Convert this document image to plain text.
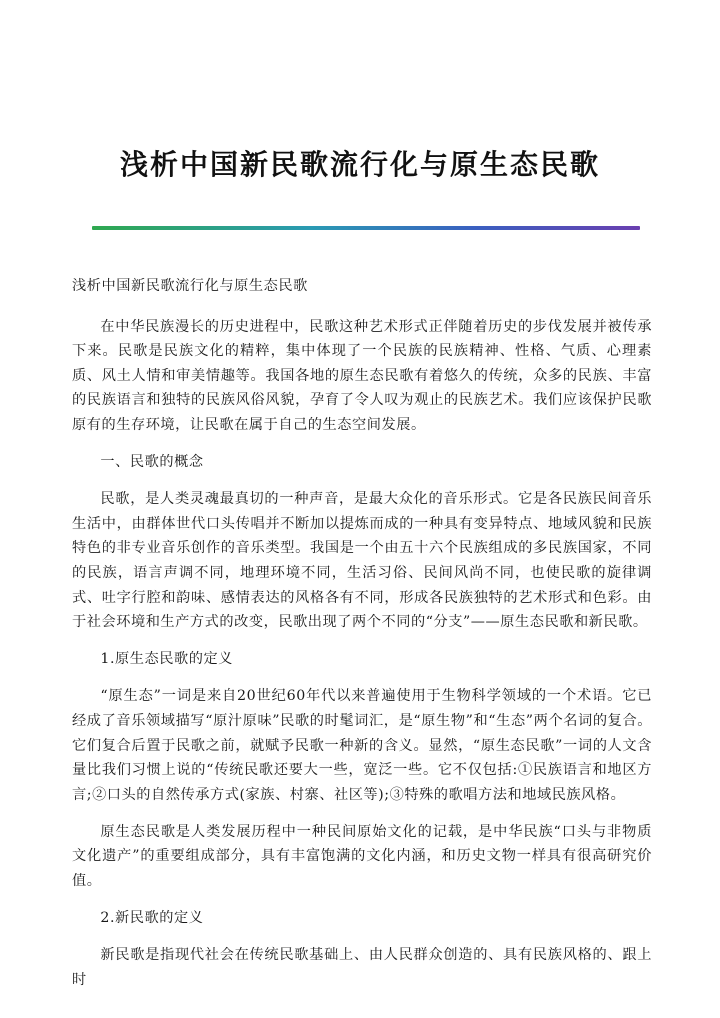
浅析中国新民歌流行化与原生态民歌

浅析中国新民歌流行化与原生态民歌

在中华民族漫长的历史进程中，民歌这种艺术形式正伴随着历史的步伐发展并被传承下来。民歌是民族文化的精粹，集中体现了一个民族的民族精神、性格、气质、心理素质、风土人情和审美情趣等。我国各地的原生态民歌有着悠久的传统，众多的民族、丰富的民族语言和独特的民族风俗风貌，孕育了令人叹为观止的民族艺术。我们应该保护民歌原有的生存环境，让民歌在属于自己的生态空间发展。

一、民歌的概念

民歌，是人类灵魂最真切的一种声音，是最大众化的音乐形式。它是各民族民间音乐生活中，由群体世代口头传唱并不断加以提炼而成的一种具有变异特点、地域风貌和民族特色的非专业音乐创作的音乐类型。我国是一个由五十六个民族组成的多民族国家，不同的民族，语言声调不同，地理环境不同，生活习俗、民间风尚不同，也使民歌的旋律调式、吐字行腔和韵味、感情表达的风格各有不同，形成各民族独特的艺术形式和色彩。由于社会环境和生产方式的改变，民歌出现了两个不同的“分支”——原生态民歌和新民歌。

1.原生态民歌的定义

“原生态”一词是来自20世纪60年代以来普遍使用于生物科学领域的一个术语。它已经成了音乐领域描写“原汁原味”民歌的时髦词汇，是“原生物”和“生态”两个名词的复合。它们复合后置于民歌之前，就赋予民歌一种新的含义。显然，“原生态民歌”一词的人文含量比我们习惯上说的“传统民歌还要大一些，宽泛一些。它不仅包括:①民族语言和地区方言;②口头的自然传承方式(家族、村寨、社区等);③特殊的歌唱方法和地域民族风格。

原生态民歌是人类发展历程中一种民间原始文化的记载，是中华民族“口头与非物质文化遗产”的重要组成部分，具有丰富饱满的文化内涵，和历史文物一样具有很高研究价值。

2.新民歌的定义

新民歌是指现代社会在传统民歌基础上、由人民群众创造的、具有民族风格的、跟上时
